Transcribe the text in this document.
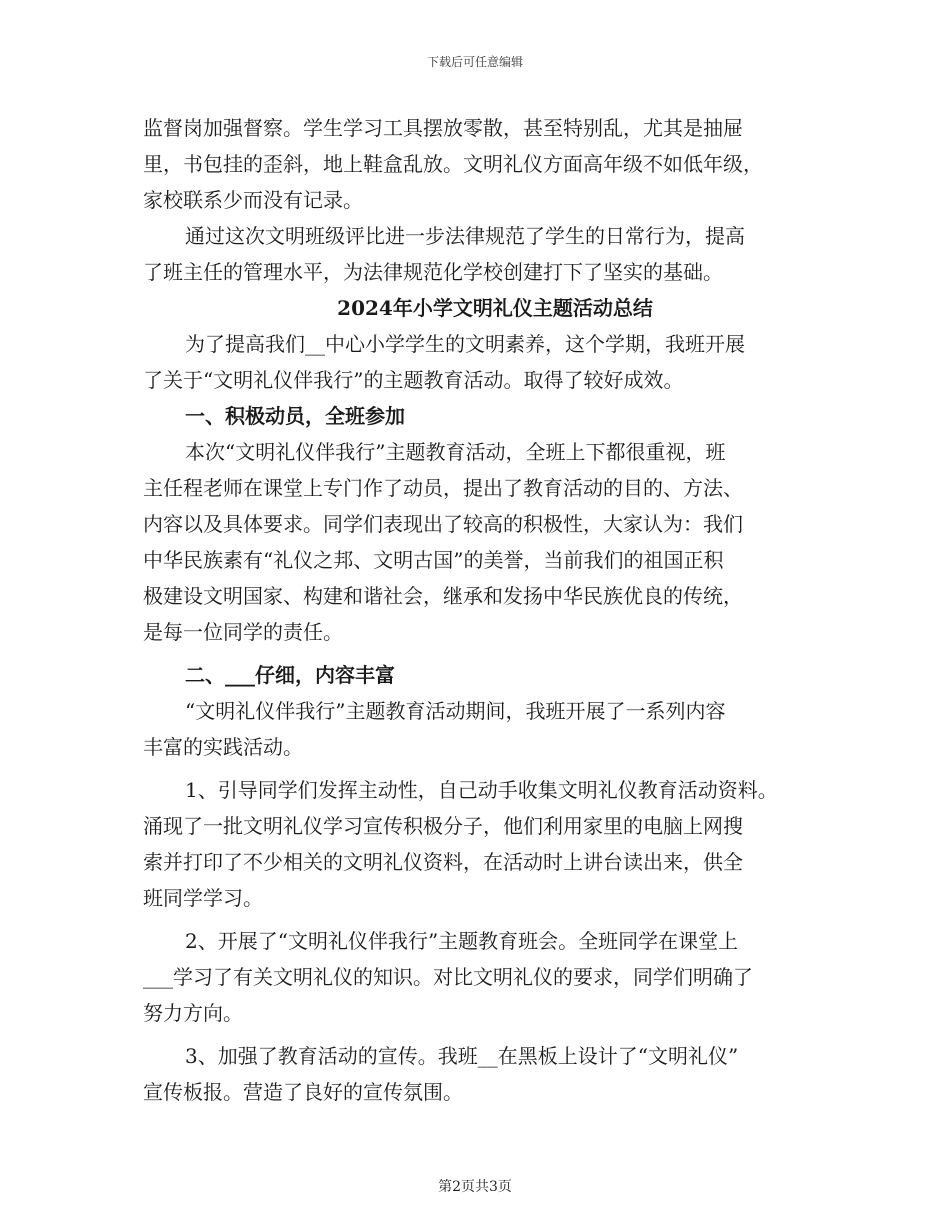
下载后可任意编辑

监督岗加强督察。学生学习工具摆放零散，甚至特别乱，尤其是抽屉

里，书包挂的歪斜，地上鞋盒乱放。文明礼仪方面高年级不如低年级，

家校联系少而没有记录。

通过这次文明班级评比进一步法律规范了学生的日常行为，提高

了班主任的管理水平，为法律规范化学校创建打下了坚实的基础。

2024年小学文明礼仪主题活动总结

为了提高我们__中心小学学生的文明素养，这个学期，我班开展

了关于“文明礼仪伴我行”的主题教育活动。取得了较好成效。

一、积极动员，全班参加

本次“文明礼仪伴我行”主题教育活动，全班上下都很重视，班

主任程老师在课堂上专门作了动员，提出了教育活动的目的、方法、

内容以及具体要求。同学们表现出了较高的积极性，大家认为：我们

中华民族素有“礼仪之邦、文明古国”的美誉，当前我们的祖国正积

极建设文明国家、构建和谐社会，继承和发扬中华民族优良的传统，

是每一位同学的责任。

二、___仔细，内容丰富

“文明礼仪伴我行”主题教育活动期间，我班开展了一系列内容

丰富的实践活动。

1、引导同学们发挥主动性，自己动手收集文明礼仪教育活动资料。

涌现了一批文明礼仪学习宣传积极分子，他们利用家里的电脑上网搜

索并打印了不少相关的文明礼仪资料，在活动时上讲台读出来，供全

班同学学习。

2、开展了“文明礼仪伴我行”主题教育班会。全班同学在课堂上

___学习了有关文明礼仪的知识。对比文明礼仪的要求，同学们明确了

努力方向。

3、加强了教育活动的宣传。我班__在黑板上设计了“文明礼仪”

宣传板报。营造了良好的宣传氛围。

第2页共3页
